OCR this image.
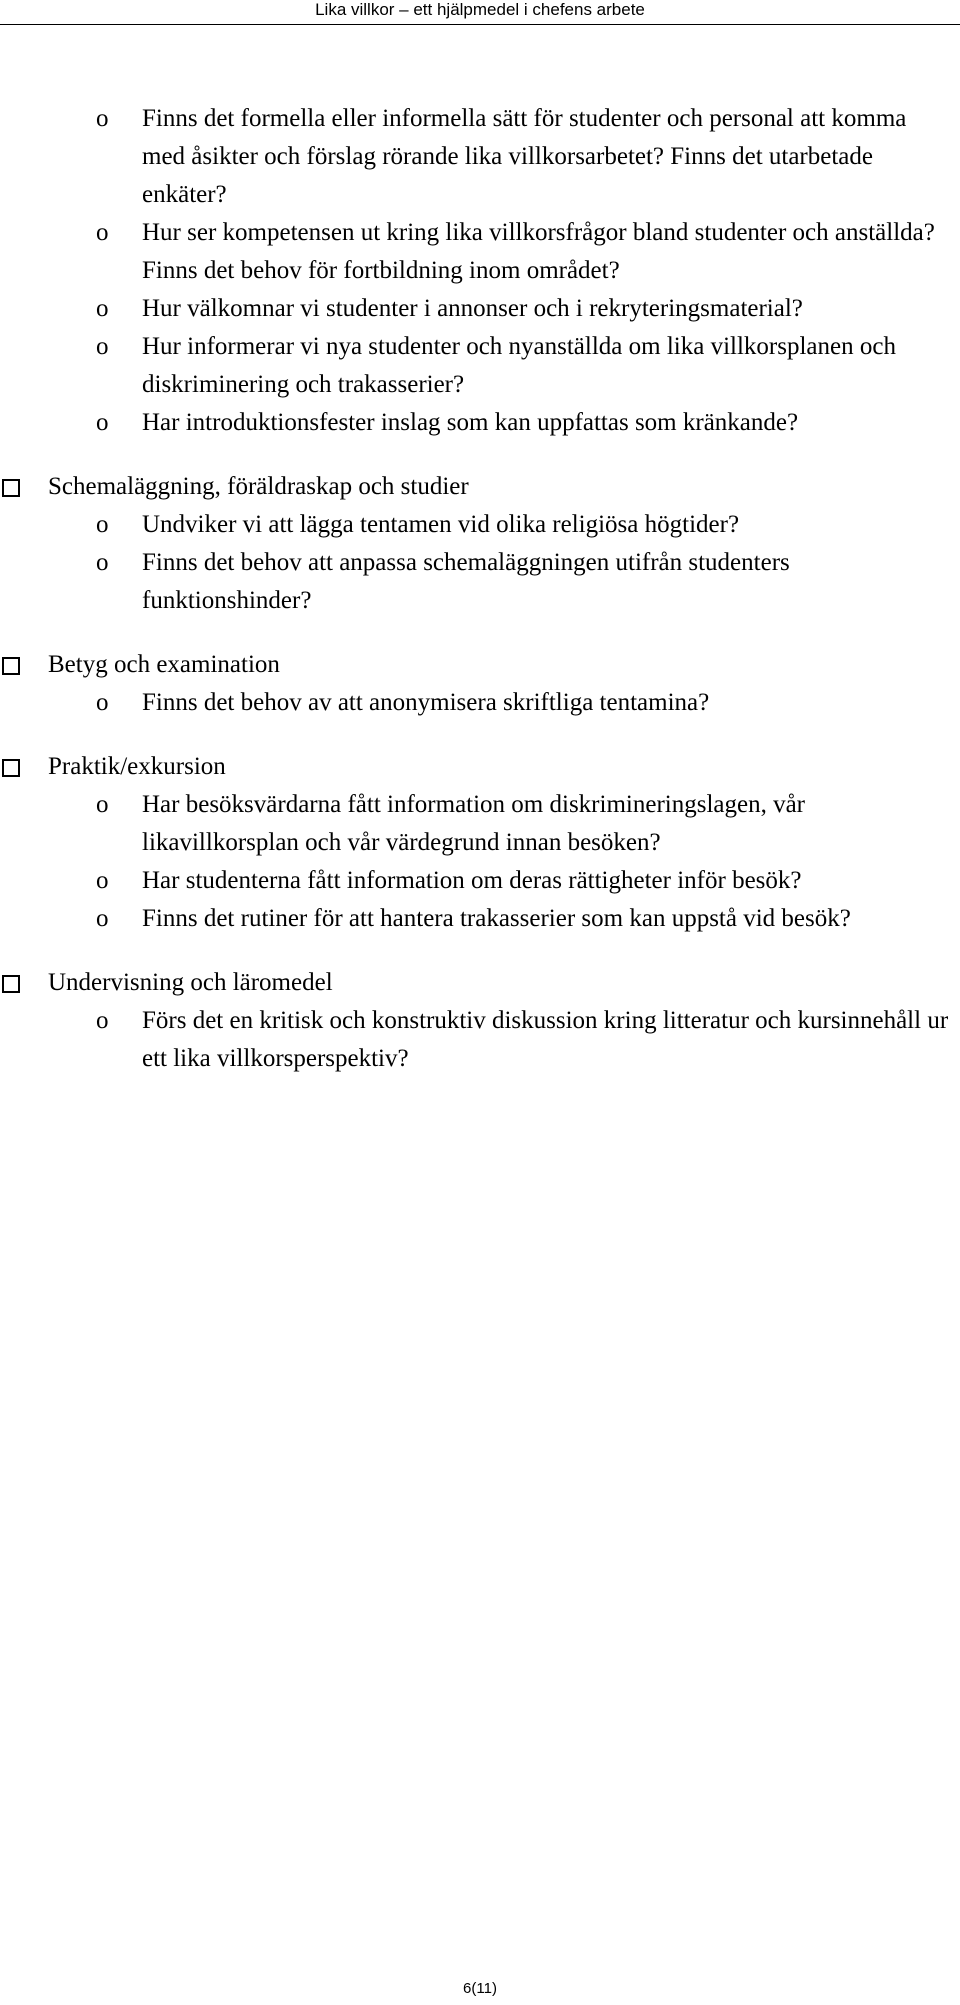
Lika villkor – ett hjälpmedel i chefens arbete
o Finns det formella eller informella sätt för studenter och personal att komma med åsikter och förslag rörande lika villkorsarbetet? Finns det utarbetade enkäter?
o Hur ser kompetensen ut kring lika villkorsfrågor bland studenter och anställda? Finns det behov för fortbildning inom området?
o Hur välkomnar vi studenter i annonser och i rekryteringsmaterial?
o Hur informerar vi nya studenter och nyanställda om lika villkorsplanen och diskriminering och trakasserier?
o Har introduktionsfester inslag som kan uppfattas som kränkande?
Schemaläggning, föräldraskap och studier
o Undviker vi att lägga tentamen vid olika religiösa högtider?
o Finns det behov att anpassa schemaläggningen utifrån studenters funktionshinder?
Betyg och examination
o Finns det behov av att anonymisera skriftliga tentamina?
Praktik/exkursion
o Har besöksvärdarna fått information om diskrimineringslagen, vår likavillkorsplan och vår värdegrund innan besöken?
o Har studenterna fått information om deras rättigheter inför besök?
o Finns det rutiner för att hantera trakasserier som kan uppstå vid besök?
Undervisning och läromedel
o Förs det en kritisk och konstruktiv diskussion kring litteratur och kursinnehåll ur ett lika villkorsperspektiv?
6(11)
